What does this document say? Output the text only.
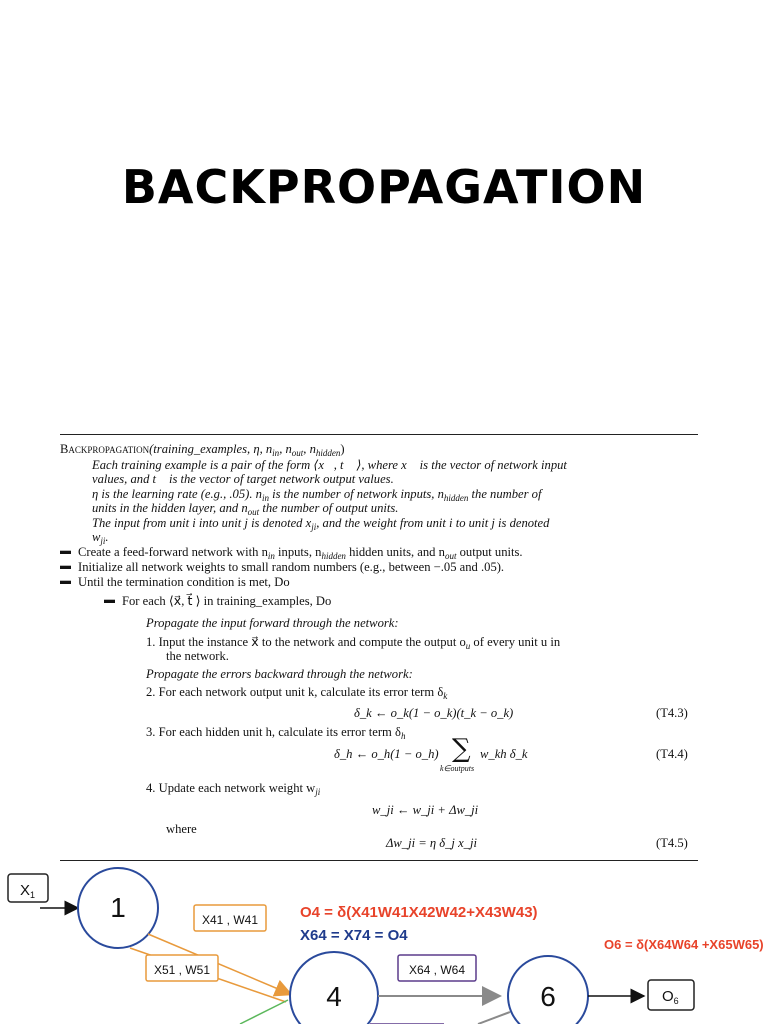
BACKPROPAGATION
Backpropagation(training_examples, η, $n_{in}$, $n_{out}$, $n_{hidden}$)
Each training example is a pair of the form ⟨x⃗, t⃗ ⟩, where x⃗ is the vector of network input
values, and t⃗ is the vector of target network output values.
η is the learning rate (e.g., .05). $n_{in}$ is the number of network inputs, $n_{hidden}$ the number of
units in the hidden layer, and $n_{out}$ the number of output units.
The input from unit i into unit j is denoted $x_{ji}$, and the weight from unit i to unit j is denoted
$w_{ji}$.
▬ Create a feed-forward network with $n_{in}$ inputs, $n_{hidden}$ hidden units, and $n_{out}$ output units.
▬ Initialize all network weights to small random numbers (e.g., between −.05 and .05).
▬ Until the termination condition is met, Do
▬ For each ⟨x⃗, t⃗ ⟩ in training_examples, Do
Propagate the input forward through the network:
1. Input the instance x⃗ to the network and compute the output $o_u$ of every unit u in
the network.
Propagate the errors backward through the network:
2. For each network output unit k, calculate its error term $\delta_k$
δ_k ← o_k(1 − o_k)(t_k − o_k)	(T4.3)
3. For each hidden unit h, calculate its error term $\delta_h$
δ_h ← o_h(1 − o_h) ∑ w_kh δ_k
k∈outputs
(T4.4)
4. Update each network weight $w_{ji}$
w_ji ← w_ji + Δw_ji
where
Δw_ji = η δ_j x_ji	(T4.5)
$X_1$	1	X41 , W41
X51 , W51
4
X64 , W64
6	$O_6$
O4 = δ(X41W41X42W42+X43W43)
X64 = X74 = O4
O6 = δ(X64W64 +X65W65)
